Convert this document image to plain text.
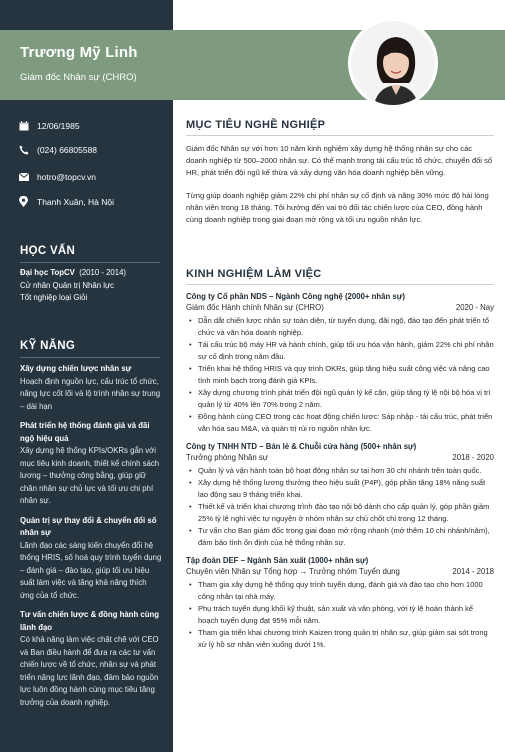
Trương Mỹ Linh
Giám đốc Nhân sự (CHRO)
12/06/1985
(024) 66805588
hotro@topcv.vn
Thanh Xuân, Hà Nội
HỌC VẤN
Đại học TopCV (2010 - 2014)
Cử nhân Quản trị Nhân lực
Tốt nghiệp loại Giỏi
KỸ NĂNG
Xây dựng chiến lược nhân sự
Hoạch định nguồn lực, cấu trúc tổ chức, năng lực cốt lõi và lộ trình nhân sự trung – dài hạn
Phát triển hệ thống đánh giá và đãi ngộ hiệu quả
Xây dựng hệ thống KPIs/OKRs gắn với mục tiêu kinh doanh, thiết kế chính sách lương – thưởng công bằng, giúp giữ chân nhân sự chủ lực và tối ưu chi phí nhân sự.
Quản trị sự thay đổi & chuyển đổi số nhân sự
Lãnh đạo các sáng kiến chuyển đổi hệ thống HRIS, số hoá quy trình tuyển dụng – đánh giá – đào tạo, giúp tối ưu hiệu suất làm việc và tăng khả năng thích ứng của tổ chức.
Tư vấn chiến lược & đồng hành cùng lãnh đạo
Có khả năng làm việc chặt chẽ với CEO và Ban điều hành để đưa ra các tư vấn chiến lược về tổ chức, nhân sự và phát triển năng lực lãnh đạo, đảm bảo nguồn lực luôn đồng hành cùng mục tiêu tăng trưởng của doanh nghiệp.
MỤC TIÊU NGHỀ NGHIỆP
Giám đốc Nhân sự với hơn 10 năm kinh nghiệm xây dựng hệ thống nhân sự cho các doanh nghiệp từ 500–2000 nhân sự. Có thế mạnh trong tái cấu trúc tổ chức, chuyển đổi số HR, phát triển đội ngũ kế thừa và xây dựng văn hóa doanh nghiệp bền vững.
Từng giúp doanh nghiệp giảm 22% chi phí nhân sự cố định và nâng 30% mức độ hài lòng nhân viên trong 18 tháng. Tôi hướng đến vai trò đối tác chiến lược của CEO, đồng hành cùng doanh nghiệp trong giai đoạn mở rộng và tối ưu nguồn nhân lực.
KINH NGHIỆM LÀM VIỆC
Công ty Cổ phần NDS – Ngành Công nghệ (2000+ nhân sự)
Giám đốc Hành chính Nhân sự (CHRO)	2020 - Nay
• Dẫn dắt chiến lược nhân sự toàn diện, từ tuyển dụng, đãi ngộ, đào tạo đến phát triển tổ chức và văn hóa doanh nghiệp.
• Tái cấu trúc bộ máy HR và hành chính, giúp tối ưu hóa vận hành, giảm 22% chi phí nhân sự cố định trong năm đầu.
• Triển khai hệ thống HRIS và quy trình OKRs, giúp tăng hiệu suất công việc và nâng cao tính minh bạch trong đánh giá KPIs.
• Xây dựng chương trình phát triển đội ngũ quản lý kế cận, giúp tăng tỷ lệ nội bộ hóa vị trí quản lý từ 40% lên 70% trong 2 năm.
• Đồng hành cùng CEO trong các hoạt động chiến lược: Sáp nhập - tái cấu trúc, phát triển văn hóa sau M&A, và quản trị rủi ro nguồn nhân lực.
Công ty TNHH NTD – Bán lẻ & Chuỗi cửa hàng (500+ nhân sự)
Trưởng phòng Nhân sự	2018 - 2020
• Quản lý và vận hành toàn bộ hoạt động nhân sự tại hơn 30 chi nhánh trên toàn quốc.
• Xây dựng hệ thống lương thưởng theo hiệu suất (P4P), góp phần tăng 18% năng suất lao động sau 9 tháng triển khai.
• Thiết kế và triển khai chương trình đào tạo nội bộ dành cho cấp quản lý, góp phần giảm 25% tỷ lệ nghỉ việc tự nguyện ở nhóm nhân sự chủ chốt chỉ trong 12 tháng.
• Tư vấn cho Ban giám đốc trong giai đoạn mở rộng nhanh (mở thêm 10 chi nhánh/năm), đảm bảo tính ổn định của hệ thống nhân sự.
Tập đoàn DEF – Ngành Sản xuất (1000+ nhân sự)
Chuyên viên Nhân sự Tổng hợp → Trưởng nhóm Tuyển dụng	2014 - 2018
• Tham gia xây dựng hệ thống quy trình tuyển dụng, đánh giá và đào tạo cho hơn 1000 công nhân tại nhà máy.
• Phụ trách tuyển dụng khối kỹ thuật, sản xuất và văn phòng, với tỷ lệ hoàn thành kế hoạch tuyển dụng đạt 95% mỗi năm.
• Tham gia triển khai chương trình Kaizen trong quản trị nhân sự, giúp giảm sai sót trong xử lý hồ sơ nhân viên xuống dưới 1%.
